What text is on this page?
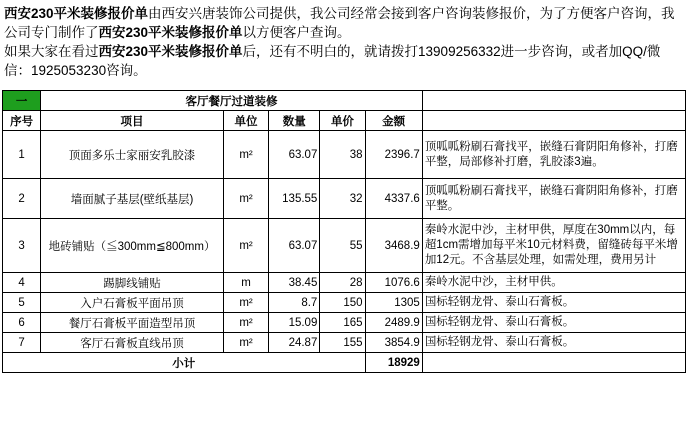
西安230平米装修报价单由西安兴唐装饰公司提供，我公司经常会接到客户咨询装修报价，为了方便客户咨询，我公司专门制作了西安230平米装修报价单以方便客户查询。

如果大家在看过西安230平米装修报价单后，还有不明白的，就请拨打13909256332进一步咨询，或者加QQ/微信：1925053230咨询。

一	客厅餐厅过道装修					
序号	项目	单位	数量	单价	金额	
1	顶面多乐士家丽安乳胶漆	m²	63.07	38	2396.7	顶呱呱粉刷石膏找平，嵌缝石膏阴阳角修补，打磨平整，局部修补打磨，乳胶漆3遍。
2	墙面腻子基层(壁纸基层)	m²	135.55	32	4337.6	顶呱呱粉刷石膏找平，嵌缝石膏阴阳角修补，打磨平整。
3	地砖铺贴（≦300mm≦800mm）	m²	63.07	55	3468.9	秦岭水泥中沙，主材甲供，厚度在30mm以内，每超1cm需增加每平米10元材料费，留缝砖每平米增加12元。不含基层处理，如需处理，费用另计
4	踢脚线铺贴	m	38.45	28	1076.6	秦岭水泥中沙，主材甲供。
5	入户石膏板平面吊顶	m²	8.7	150	1305	国标轻钢龙骨、泰山石膏板。
6	餐厅石膏板平面造型吊顶	m²	15.09	165	2489.9	国标轻钢龙骨、泰山石膏板。
7	客厅石膏板直线吊顶	m²	24.87	155	3854.9	国标轻钢龙骨、泰山石膏板。
小计					18929	
